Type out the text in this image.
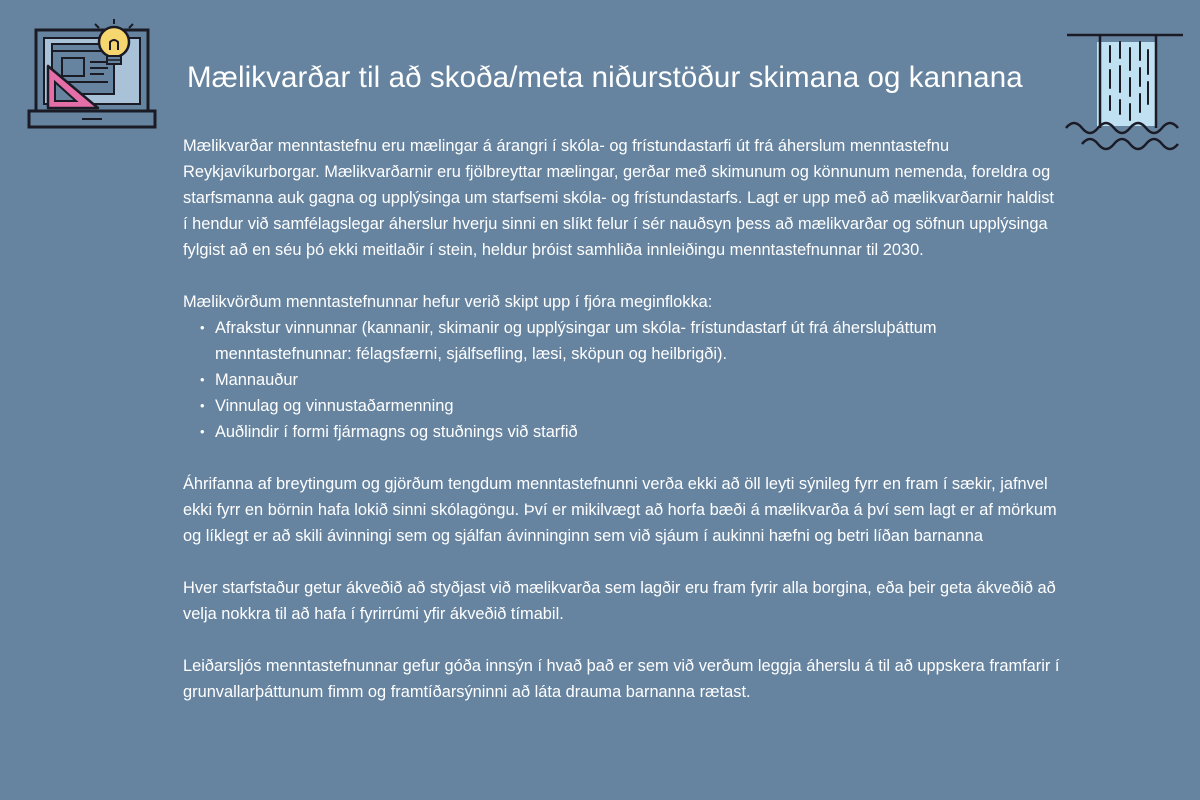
Mælikvarðar til að skoða/meta niðurstöður skimana og kannana

Mælikvarðar menntastefnu eru mælingar á árangri í skóla- og frístundastarfi út frá áherslum menntastefnu Reykjavíkurborgar. Mælikvarðarnir eru fjölbreyttar mælingar, gerðar með skimunum og könnunum nemenda, foreldra og starfsmanna auk gagna og upplýsinga um starfsemi skóla- og frístundastarfs. Lagt er upp með að mælikvarðarnir haldist í hendur við samfélagslegar áherslur hverju sinni en slíkt felur í sér nauðsyn þess að mælikvarðar og söfnun upplýsinga fylgist að en séu þó ekki meitlaðir í stein, heldur þróist samhliða innleiðingu menntastefnunnar til 2030.

Mælikvörðum menntastefnunnar hefur verið skipt upp í fjóra meginflokka:

• Afrakstur vinnunnar (kannanir, skimanir og upplýsingar um skóla- frístundastarf út frá áhersluþáttum menntastefnunnar: félagsfærni, sjálfsefling, læsi, sköpun og heilbrigði).
• Mannauður
• Vinnulag og vinnustaðarmenning
• Auðlindir í formi fjármagns og stuðnings við starfið

Áhrifanna af breytingum og gjörðum tengdum menntastefnunni verða ekki að öll leyti sýnileg fyrr en fram í sækir, jafnvel ekki fyrr en börnin hafa lokið sinni skólagöngu. Því er mikilvægt að horfa bæði á mælikvarða á því sem lagt er af mörkum og líklegt er að skili ávinningi sem og sjálfan ávinninginn sem við sjáum í aukinni hæfni og betri líðan barnanna

Hver starfstaður getur ákveðið að styðjast við mælikvarða sem lagðir eru fram fyrir alla borgina, eða þeir geta ákveðið að velja nokkra til að hafa í fyrirrúmi yfir ákveðið tímabil.

Leiðarsljós menntastefnunnar gefur góða innsýn í hvað það er sem við verðum leggja áherslu á til að uppskera framfarir í grunvallarþáttunum fimm og framtíðarsýninni að láta drauma barnanna rætast.
